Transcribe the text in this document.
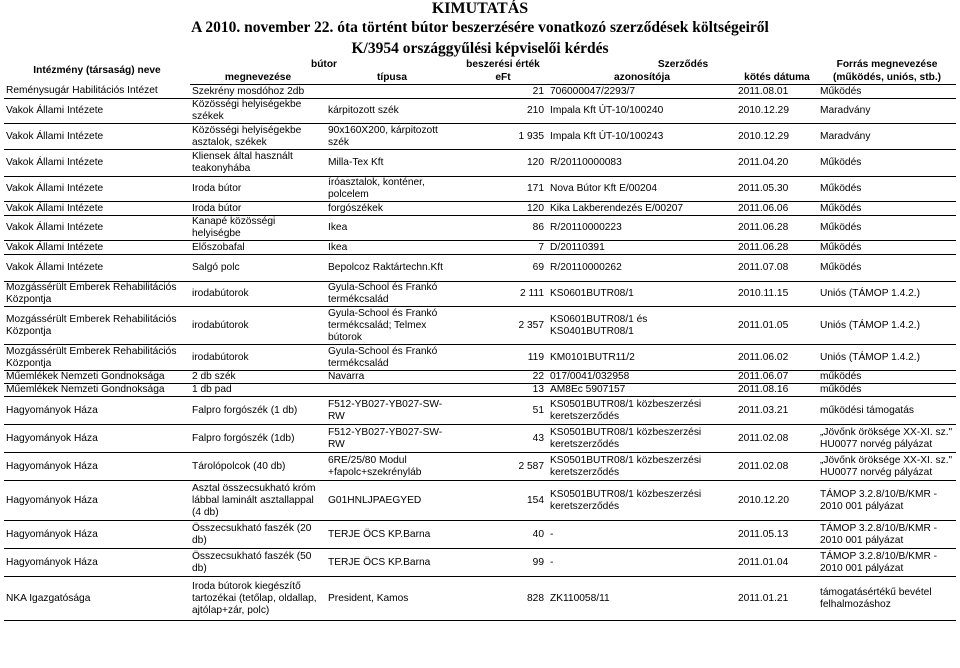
KIMUTATÁS
A 2010. november 22. óta történt bútor beszerzésére vonatkozó szerződések költségeiről
K/3954 országgyűlési képviselői kérdés
Intézmény (társaság) neve	bútor		beszerési érték	Szerződés		Forrás megnevezése
	megnevezése	típusa	eFt	azonosítója	kötés dátuma	(működés, uniós, stb.)
Reménysugár Habilitációs Intézet	Szekrény mosdóhoz 2db		21	706000047/2293/7	2011.08.01	Működés
Vakok Állami Intézete	Közösségi helyiségekbe székek	kárpitozott szék	210	Impala Kft ÚT-10/100240	2010.12.29	Maradvány
Vakok Állami Intézete	Közösségi helyiségekbe asztalok, székek	90x160X200, kárpitozott szék	1 935	Impala Kft ÚT-10/100243	2010.12.29	Maradvány
Vakok Állami Intézete	Kliensek által használt teakonyhába	Milla-Tex Kft	120	R/20110000083	2011.04.20	Működés
Vakok Állami Intézete	Iroda bútor	íróasztalok, konténer, polcelem	171	Nova Bútor Kft E/00204	2011.05.30	Működés
Vakok Állami Intézete	Iroda bútor	forgószékek	120	Kika Lakberendezés E/00207	2011.06.06	Működés
Vakok Állami Intézete	Kanapé közösségi helyiségbe	Ikea	86	R/20110000223	2011.06.28	Működés
Vakok Állami Intézete	Előszobafal	Ikea	7	D/20110391	2011.06.28	Működés
Vakok Állami Intézete	Salgó polc	Bepolcoz Raktártechn.Kft	69	R/20110000262	2011.07.08	Működés
Mozgássérült Emberek Rehabilitációs Központja	irodabútorok	Gyula-School és Frankó termékcsalád	2 111	KS0601BUTR08/1	2010.11.15	Uniós (TÁMOP 1.4.2.)
Mozgássérült Emberek Rehabilitációs Központja	irodabútorok	Gyula-School és Frankó termékcsalád; Telmex bútorok	2 357	KS0601BUTR08/1 és KS0401BUTR08/1	2011.01.05	Uniós (TÁMOP 1.4.2.)
Mozgássérült Emberek Rehabilitációs Központja	irodabútorok	Gyula-School és Frankó termékcsalád	119	KM0101BUTR11/2	2011.06.02	Uniós (TÁMOP 1.4.2.)
Műemlékek Nemzeti Gondnoksága	2 db szék	Navarra	22	017/0041/032958	2011.06.07	működés
Műemlékek Nemzeti Gondnoksága	1 db pad		13	AM8Ec 5907157	2011.08.16	működés
Hagyományok Háza	Falpro forgószék (1 db)	F512-YB027-YB027-SW-RW	51	KS0501BUTR08/1 közbeszerzési keretszerződés	2011.03.21	működési támogatás
Hagyományok Háza	Falpro forgószék (1db)	F512-YB027-YB027-SW-RW	43	KS0501BUTR08/1 közbeszerzési keretszerződés	2011.02.08	„Jövőnk öröksége XX-XI. sz." HU0077 norvég pályázat
Hagyományok Háza	Tárolópolcok (40 db)	6RE/25/80 Modul +fapolc+szekrényláb	2 587	KS0501BUTR08/1 közbeszerzési keretszerződés	2011.02.08	„Jövőnk öröksége XX-XI. sz." HU0077 norvég pályázat
Hagyományok Háza	Asztal összecsukható króm lábbal laminált asztallappal (4 db)	G01HNLJPAEGYED	154	KS0501BUTR08/1 közbeszerzési keretszerződés	2010.12.20	TÁMOP 3.2.8/10/B/KMR - 2010 001 pályázat
Hagyományok Háza	Összecsukható faszék (20 db)	TERJE ÖCS KP.Barna	40	-	2011.05.13	TÁMOP 3.2.8/10/B/KMR - 2010 001 pályázat
Hagyományok Háza	Összecsukható faszék (50 db)	TERJE ÖCS KP.Barna	99	-	2011.01.04	TÁMOP 3.2.8/10/B/KMR - 2010 001 pályázat
NKA Igazgatósága	Iroda bútorok kiegészítő tartozékai (tetőlap, oldallap, ajtólap+zár, polc)	President, Kamos	828	ZK110058/11	2011.01.21	támogatásértékű bevétel felhalmozáshoz
